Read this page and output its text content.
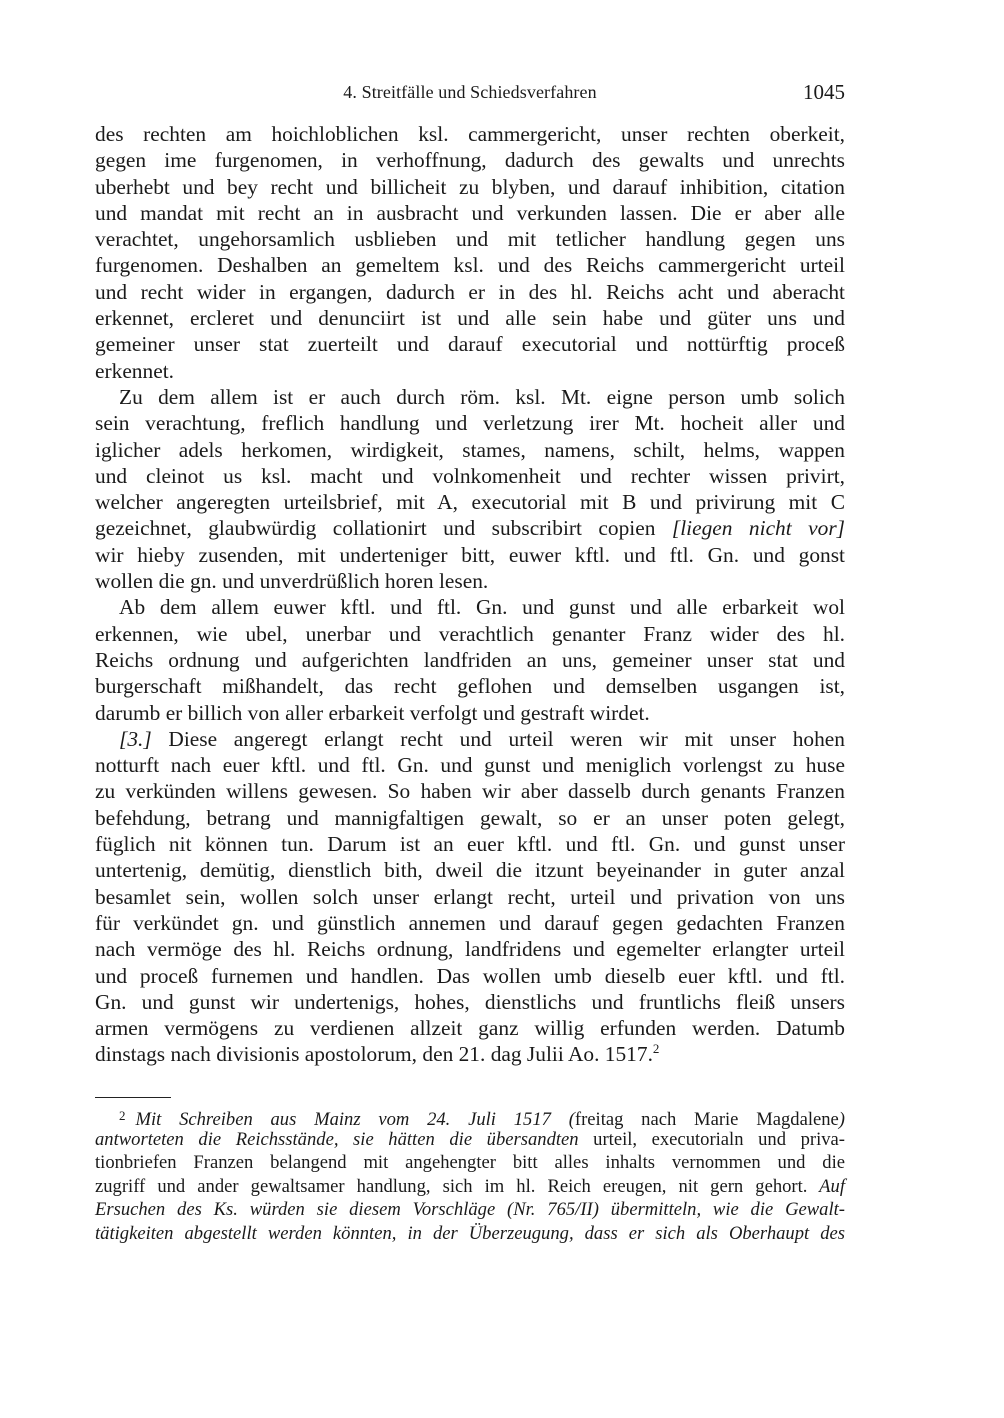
4. Streitfälle und Schiedsverfahren	1045
des rechten am hoichloblichen ksl. cammergericht, unser rechten oberkeit,
gegen ime furgenomen, in verhoffnung, dadurch des gewalts und unrechts
uberhebt und bey recht und billicheit zu blyben, und darauf inhibition, citation
und mandat mit recht an in ausbracht und verkunden lassen. Die er aber alle
verachtet, ungehorsamlich usblieben und mit tetlicher handlung gegen uns
furgenomen. Deshalben an gemeltem ksl. und des Reichs cammergericht urteil
und recht wider in ergangen, dadurch er in des hl. Reichs acht und aberacht
erkennet, ercleret und denunciirt ist und alle sein habe und güter uns und
gemeiner unser stat zuerteilt und darauf executorial und nottürftig proceß
erkennet.
Zu dem allem ist er auch durch röm. ksl. Mt. eigne person umb solich
sein verachtung, freflich handlung und verletzung irer Mt. hocheit aller und
iglicher adels herkomen, wirdigkeit, stames, namens, schilt, helms, wappen
und cleinot us ksl. macht und volnkomenheit und rechter wissen privirt,
welcher angeregten urteilsbrief, mit A, executorial mit B und privirung mit C
gezeichnet, glaubwürdig collationirt und subscribirt copien [liegen nicht vor]
wir hieby zusenden, mit underteniger bitt, euwer kftl. und ftl. Gn. und gonst
wollen die gn. und unverdrüßlich horen lesen.
Ab dem allem euwer kftl. und ftl. Gn. und gunst und alle erbarkeit wol
erkennen, wie ubel, unerbar und verachtlich genanter Franz wider des hl.
Reichs ordnung und aufgerichten landfriden an uns, gemeiner unser stat und
burgerschaft mißhandelt, das recht geflohen und demselben usgangen ist,
darumb er billich von aller erbarkeit verfolgt und gestraft wirdet.
[3.] Diese angeregt erlangt recht und urteil weren wir mit unser hohen
notturft nach euer kftl. und ftl. Gn. und gunst und meniglich vorlengst zu huse
zu verkünden willens gewesen. So haben wir aber dasselb durch genants Franzen
befehdung, betrang und mannigfaltigen gewalt, so er an unser poten gelegt,
füglich nit können tun. Darum ist an euer kftl. und ftl. Gn. und gunst unser
untertenig, demütig, dienstlich bith, dweil die itzunt beyeinander in guter anzal
besamlet sein, wollen solch unser erlangt recht, urteil und privation von uns
für verkündet gn. und günstlich annemen und darauf gegen gedachten Franzen
nach vermöge des hl. Reichs ordnung, landfridens und egemelter erlangter urteil
und proceß furnemen und handlen. Das wollen umb dieselb euer kftl. und ftl.
Gn. und gunst wir undertenigs, hohes, dienstlichs und fruntlichs fleiß unsers
armen vermögens zu verdienen allzeit ganz willig erfunden werden. Datumb
dinstags nach divisionis apostolorum, den 21. dag Julii Ao. 1517.$^2$
$^2$ Mit Schreiben aus Mainz vom 24. Juli 1517 (freitag nach Marie Magdalene)
antworteten die Reichsstände, sie hätten die übersandten urteil, executorialn und priva-
tionbriefen Franzen belangend mit angehengter bitt alles inhalts vernommen und die
zugriff und ander gewaltsamer handlung, sich im hl. Reich ereugen, nit gern gehort. Auf
Ersuchen des Ks. würden sie diesem Vorschläge (Nr. 765/II) übermitteln, wie die Gewalt-
tätigkeiten abgestellt werden könnten, in der Überzeugung, dass er sich als Oberhaupt des
